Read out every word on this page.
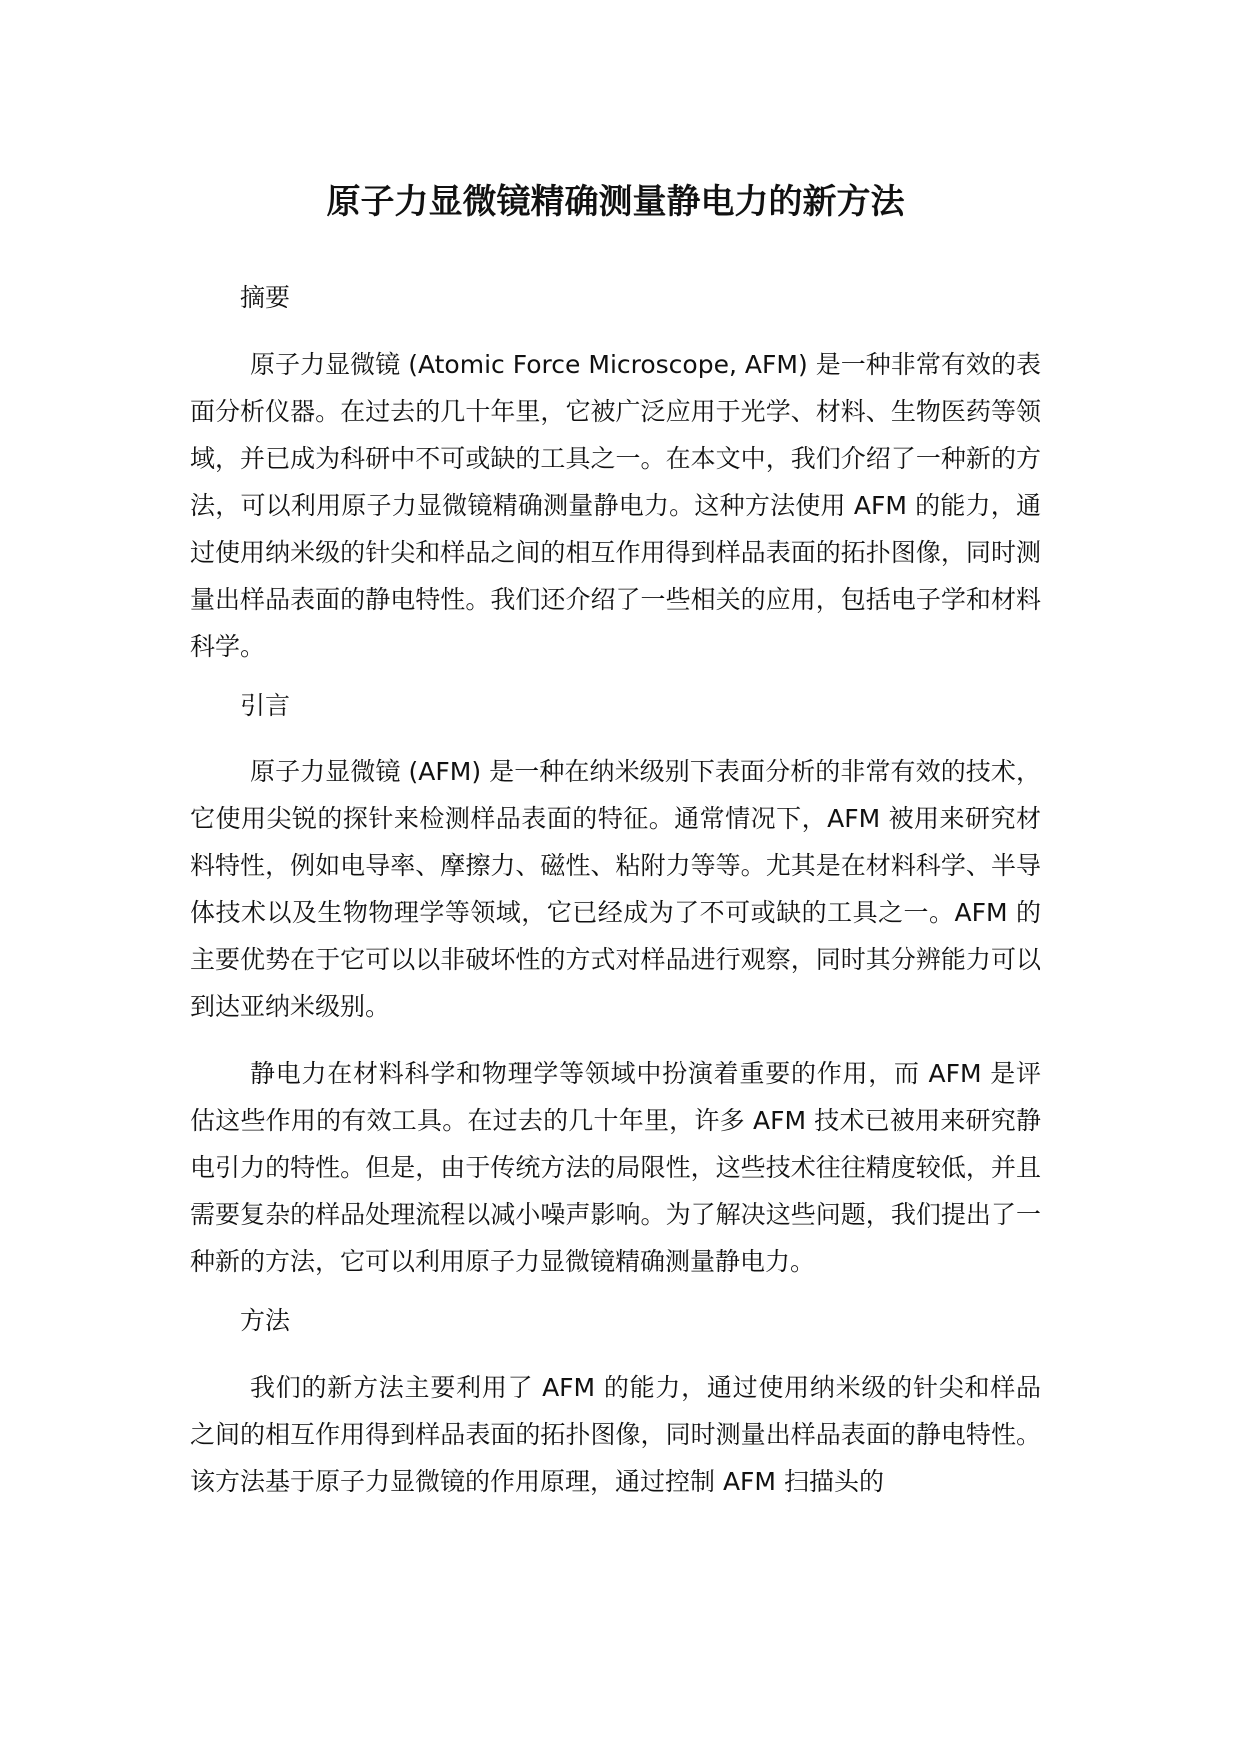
原子力显微镜精确测量静电力的新方法

摘要

原子力显微镜 (Atomic Force Microscope, AFM) 是一种非常有效的表面分析仪器。在过去的几十年里，它被广泛应用于光学、材料、生物医药等领域，并已成为科研中不可或缺的工具之一。在本文中，我们介绍了一种新的方法，可以利用原子力显微镜精确测量静电力。这种方法使用 AFM 的能力，通过使用纳米级的针尖和样品之间的相互作用得到样品表面的拓扑图像，同时测量出样品表面的静电特性。我们还介绍了一些相关的应用，包括电子学和材料科学。

引言

原子力显微镜 (AFM) 是一种在纳米级别下表面分析的非常有效的技术，它使用尖锐的探针来检测样品表面的特征。通常情况下，AFM 被用来研究材料特性，例如电导率、摩擦力、磁性、粘附力等等。尤其是在材料科学、半导体技术以及生物物理学等领域，它已经成为了不可或缺的工具之一。AFM 的主要优势在于它可以以非破坏性的方式对样品进行观察，同时其分辨能力可以到达亚纳米级别。

静电力在材料科学和物理学等领域中扮演着重要的作用，而 AFM 是评估这些作用的有效工具。在过去的几十年里，许多 AFM 技术已被用来研究静电引力的特性。但是，由于传统方法的局限性，这些技术往往精度较低，并且需要复杂的样品处理流程以减小噪声影响。为了解决这些问题，我们提出了一种新的方法，它可以利用原子力显微镜精确测量静电力。

方法

我们的新方法主要利用了 AFM 的能力，通过使用纳米级的针尖和样品之间的相互作用得到样品表面的拓扑图像，同时测量出样品表面的静电特性。该方法基于原子力显微镜的作用原理，通过控制 AFM 扫描头的
